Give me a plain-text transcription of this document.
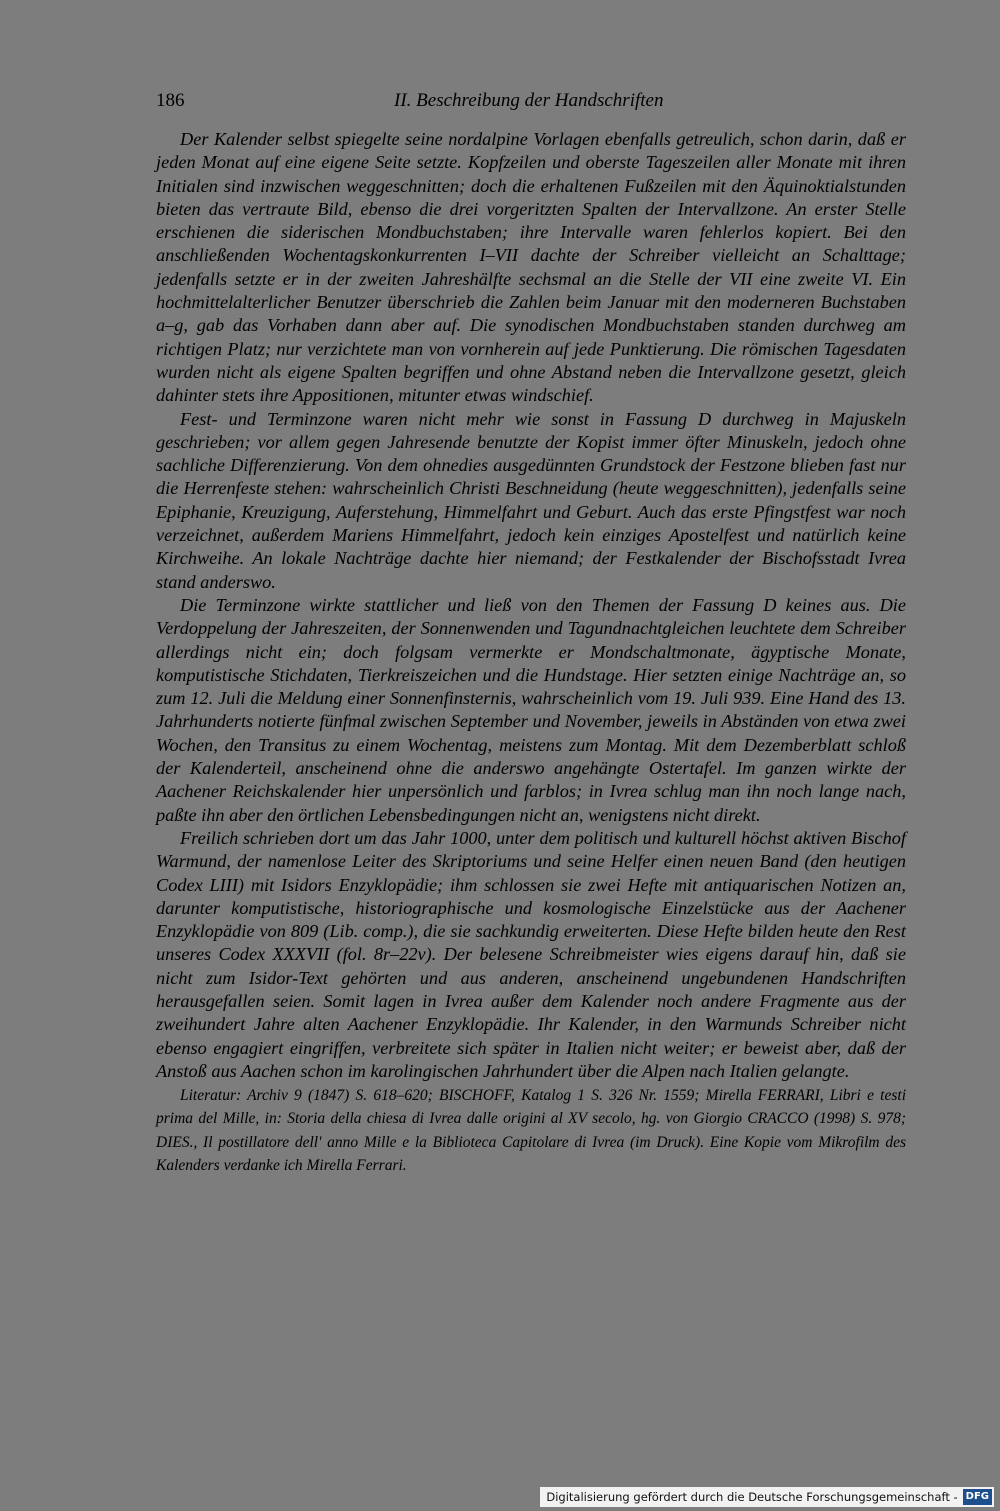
186	II. Beschreibung der Handschriften

Der Kalender selbst spiegelte seine nordalpine Vorlagen ebenfalls getreulich, schon darin, daß er jeden Monat auf eine eigene Seite setzte. Kopfzeilen und oberste Tageszeilen aller Monate mit ihren Initialen sind inzwischen weggeschnitten; doch die erhaltenen Fußzeilen mit den Äquinoktialstunden bieten das vertraute Bild, ebenso die drei vorgeritzten Spalten der Intervallzone. An erster Stelle erschienen die siderischen Mondbuchstaben; ihre Intervalle waren fehlerlos kopiert. Bei den anschließenden Wochentagskonkurrenten I–VII dachte der Schreiber vielleicht an Schalttage; jedenfalls setzte er in der zweiten Jahreshälfte sechsmal an die Stelle der VII eine zweite VI. Ein hochmittelalterlicher Benutzer überschrieb die Zahlen beim Januar mit den moderneren Buchstaben a–g, gab das Vorhaben dann aber auf. Die synodischen Mondbuchstaben standen durchweg am richtigen Platz; nur verzichtete man von vornherein auf jede Punktierung. Die römischen Tagesdaten wurden nicht als eigene Spalten begriffen und ohne Abstand neben die Intervallzone gesetzt, gleich dahinter stets ihre Appositionen, mitunter etwas windschief.

Fest- und Terminzone waren nicht mehr wie sonst in Fassung D durchweg in Majuskeln geschrieben; vor allem gegen Jahresende benutzte der Kopist immer öfter Minuskeln, jedoch ohne sachliche Differenzierung. Von dem ohnedies ausgedünnten Grundstock der Festzone blieben fast nur die Herrenfeste stehen: wahrscheinlich Christi Beschneidung (heute weggeschnitten), jedenfalls seine Epiphanie, Kreuzigung, Auferstehung, Himmelfahrt und Geburt. Auch das erste Pfingstfest war noch verzeichnet, außerdem Mariens Himmelfahrt, jedoch kein einziges Apostelfest und natürlich keine Kirchweihe. An lokale Nachträge dachte hier niemand; der Festkalender der Bischofsstadt Ivrea stand anderswo.

Die Terminzone wirkte stattlicher und ließ von den Themen der Fassung D keines aus. Die Verdoppelung der Jahreszeiten, der Sonnenwenden und Tagundnachtgleichen leuchtete dem Schreiber allerdings nicht ein; doch folgsam vermerkte er Mondschaltmonate, ägyptische Monate, komputistische Stichdaten, Tierkreiszeichen und die Hundstage. Hier setzten einige Nachträge an, so zum 12. Juli die Meldung einer Sonnenfinsternis, wahrscheinlich vom 19. Juli 939. Eine Hand des 13. Jahrhunderts notierte fünfmal zwischen September und November, jeweils in Abständen von etwa zwei Wochen, den Transitus zu einem Wochentag, meistens zum Montag. Mit dem Dezemberblatt schloß der Kalenderteil, anscheinend ohne die anderswo angehängte Ostertafel. Im ganzen wirkte der Aachener Reichskalender hier unpersönlich und farblos; in Ivrea schlug man ihn noch lange nach, paßte ihn aber den örtlichen Lebensbedingungen nicht an, wenigstens nicht direkt.

Freilich schrieben dort um das Jahr 1000, unter dem politisch und kulturell höchst aktiven Bischof Warmund, der namenlose Leiter des Skriptoriums und seine Helfer einen neuen Band (den heutigen Codex LIII) mit Isidors Enzyklopädie; ihm schlossen sie zwei Hefte mit antiquarischen Notizen an, darunter komputistische, historiographische und kosmologische Einzelstücke aus der Aachener Enzyklopädie von 809 (Lib. comp.), die sie sachkundig erweiterten. Diese Hefte bilden heute den Rest unseres Codex XXXVII (fol. 8r–22v). Der belesene Schreibmeister wies eigens darauf hin, daß sie nicht zum Isidor-Text gehörten und aus anderen, anscheinend ungebundenen Handschriften herausgefallen seien. Somit lagen in Ivrea außer dem Kalender noch andere Fragmente aus der zweihundert Jahre alten Aachener Enzyklopädie. Ihr Kalender, in den Warmunds Schreiber nicht ebenso engagiert eingriffen, verbreitete sich später in Italien nicht weiter; er beweist aber, daß der Anstoß aus Aachen schon im karolingischen Jahrhundert über die Alpen nach Italien gelangte.

Literatur: Archiv 9 (1847) S. 618–620; BISCHOFF, Katalog 1 S. 326 Nr. 1559; Mirella FERRARI, Libri e testi prima del Mille, in: Storia della chiesa di Ivrea dalle origini al XV secolo, hg. von Giorgio CRACCO (1998) S. 978; DIES., Il postillatore dell' anno Mille e la Biblioteca Capitolare di Ivrea (im Druck). Eine Kopie vom Mikrofilm des Kalenders verdanke ich Mirella Ferrari.

Digitalisierung gefördert durch die Deutsche Forschungsgemeinschaft - DFG
